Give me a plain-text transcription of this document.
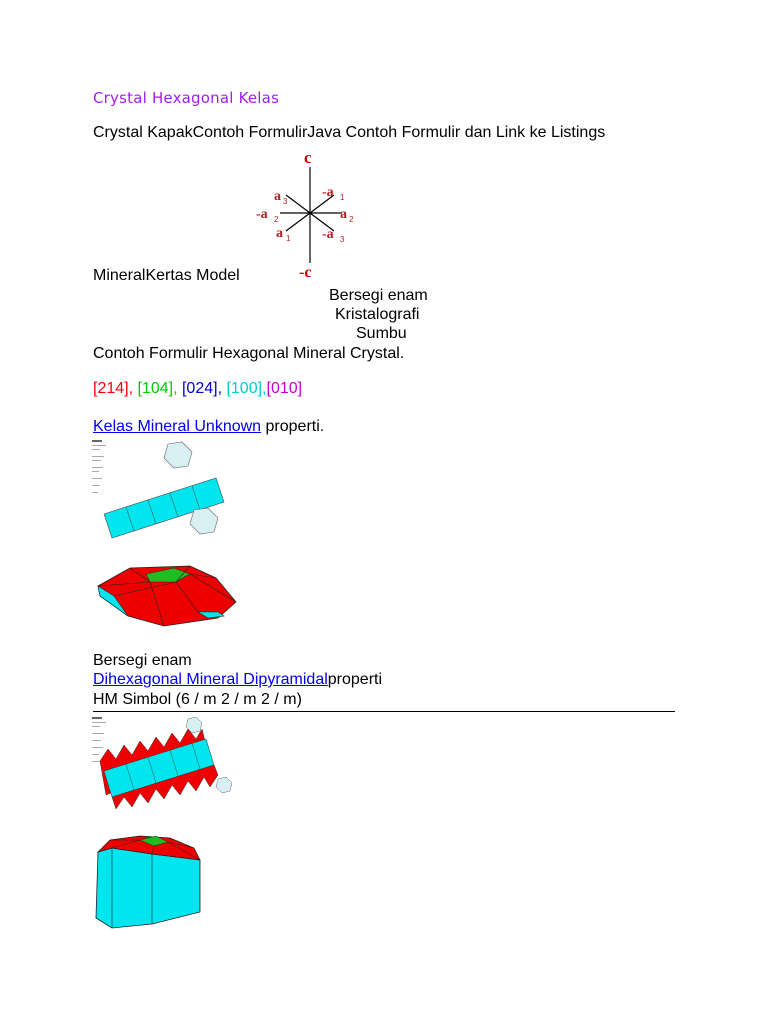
Crystal Hexagonal Kelas
Crystal KapakContoh FormulirJava Contoh Formulir dan Link ke Listings
c
a 3
-a 1
-a 2	a 2
a 1 -a 3
-c
MineralKertas Model
Bersegi enam
Kristalografi
Sumbu
Contoh Formulir Hexagonal Mineral Crystal.
[214], [104], [024], [100],[010]
Kelas Mineral Unknown properti.
Bersegi enam
Dihexagonal Mineral Dipyramidalproperti
HM Simbol (6 / m 2 / m 2 / m)
